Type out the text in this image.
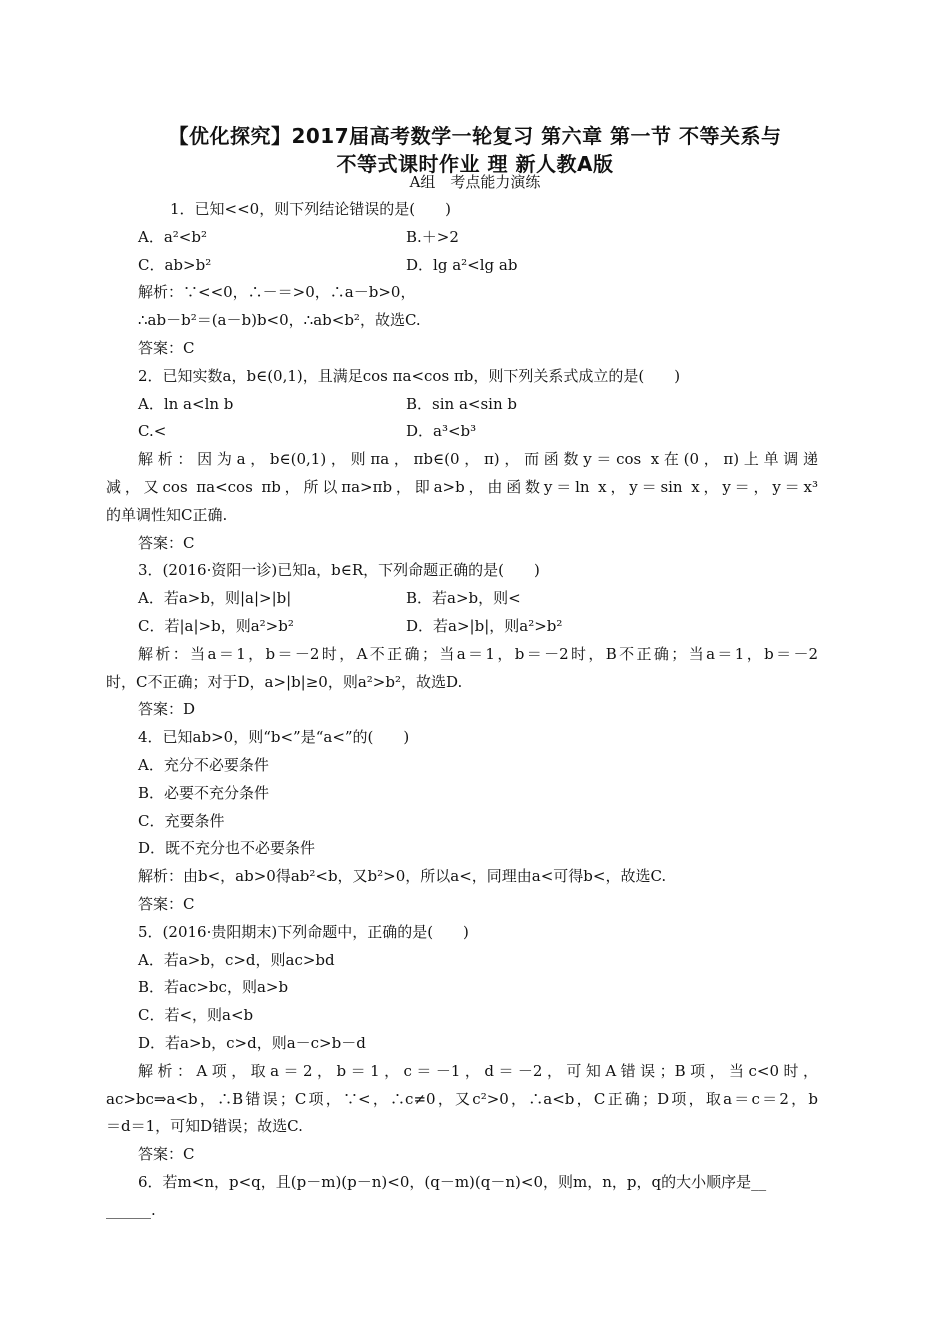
【优化探究】2017届高考数学一轮复习 第六章 第一节 不等关系与
不等式课时作业 理 新人教A版
A组　考点能力演练
1．已知<<0，则下列结论错误的是(　　)
A．a²<b²	B.＋>2
C．ab>b²	D．lg a²<lg ab
解析：∵<<0，∴－＝>0，∴a－b>0，
∴ab－b²＝(a－b)b<0，∴ab<b²，故选C.
答案：C
2．已知实数a，b∈(0,1)，且满足cos πa<cos πb，则下列关系式成立的是(　　)
A．ln a<ln b	B．sin a<sin b
C.<	D．a³<b³
解析：因为a，b∈(0,1)，则πa，πb∈(0，π)，而函数y＝cos x在(0，π)上单调递
减，又cos πa<cos πb，所以πa>πb，即a>b，由函数y＝ln x，y＝sin x，y＝，y＝x³
的单调性知C正确.
答案：C
3．(2016·资阳一诊)已知a，b∈R，下列命题正确的是(　　)
A．若a>b，则|a|>|b|	B．若a>b，则<
C．若|a|>b，则a²>b²	D．若a>|b|，则a²>b²
解析：当a＝1，b＝－2时，A不正确；当a＝1，b＝－2时，B不正确；当a＝1，b＝－2
时，C不正确；对于D，a>|b|≥0，则a²>b²，故选D.
答案：D
4．已知ab>0，则“b<”是“a<”的(　　)
A．充分不必要条件
B．必要不充分条件
C．充要条件
D．既不充分也不必要条件
解析：由b<，ab>0得ab²<b，又b²>0，所以a<，同理由a<可得b<，故选C.
答案：C
5．(2016·贵阳期末)下列命题中，正确的是(　　)
A．若a>b，c>d，则ac>bd
B．若ac>bc，则a>b
C．若<，则a<b
D．若a>b，c>d，则a－c>b－d
解析：A项，取a＝2，b＝1，c＝－1，d＝－2，可知A错误；B项，当c<0时，
ac>bc⇒a<b，∴B错误；C项，∵<，∴c≠0，又c²>0，∴a<b，C正确；D项，取a＝c＝2，b
＝d＝1，可知D错误；故选C.
答案：C
6．若m<n，p<q，且(p－m)(p－n)<0，(q－m)(q－n)<0，则m，n，p，q的大小顺序是__
______.
